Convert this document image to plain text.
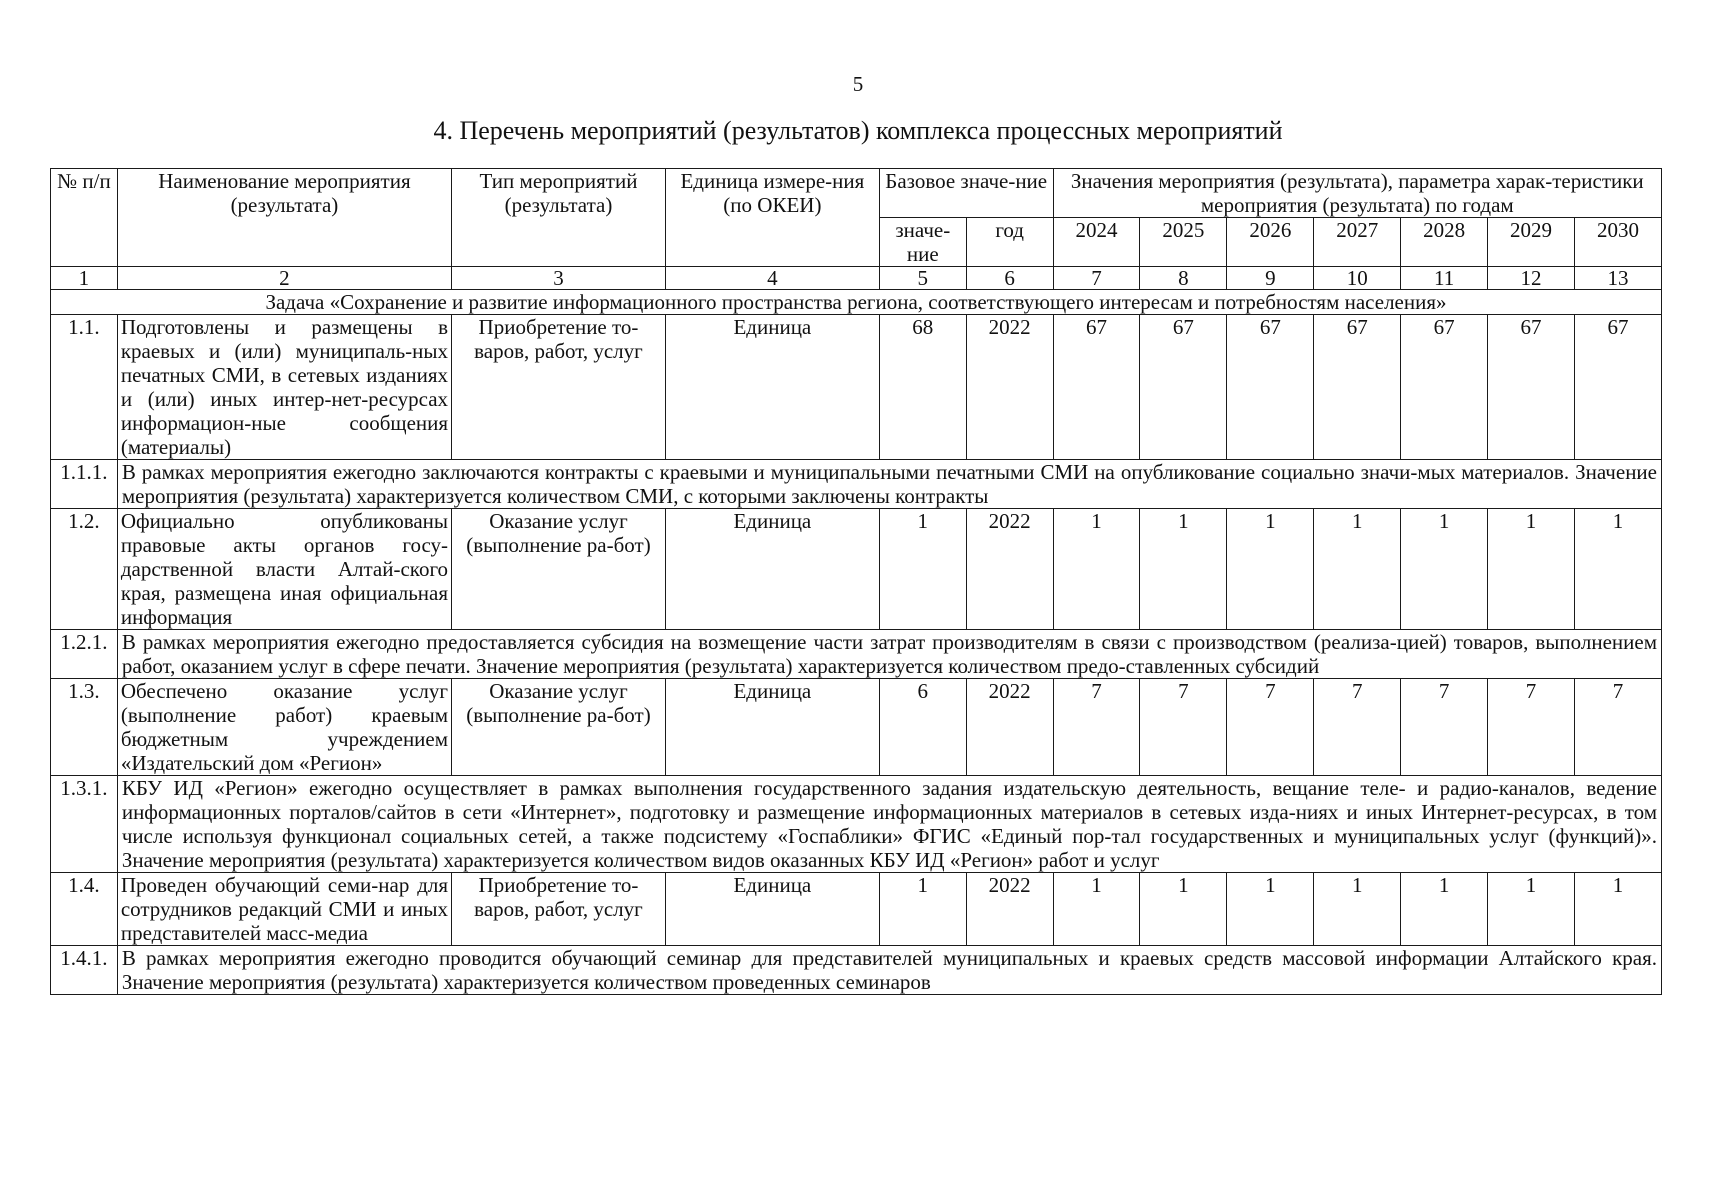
5
4. Перечень мероприятий (результатов) комплекса процессных мероприятий
№ п/п	Наименование мероприятия (результата)	Тип мероприятий (результата)	Единица измере-ния (по ОКЕИ)	Базовое значе-ние		Значения мероприятия (результата), параметра харак-теристики мероприятия (результата) по годам						
				значе-ние	год	2024	2025	2026	2027	2028	2029	2030
1	2	3	4	5	6	7	8	9	10	11	12	13
Задача «Сохранение и развитие информационного пространства региона, соответствующего интересам и потребностям населения»												
1.1.	Подготовлены и размещены в краевых и (или) муниципаль-ных печатных СМИ, в сетевых изданиях и (или) иных интер-нет-ресурсах информацион-ные сообщения (материалы)	Приобретение то-варов, работ, услуг	Единица	68	2022	67	67	67	67	67	67	67
1.1.1.	В рамках мероприятия ежегодно заключаются контракты с краевыми и муниципальными печатными СМИ на опубликование социально значи-мых материалов. Значение мероприятия (результата) характеризуется количеством СМИ, с которыми заключены контракты											
1.2.	Официально опубликованы правовые акты органов госу-дарственной власти Алтай-ского края, размещена иная официальная информация	Оказание услуг (выполнение ра-бот)	Единица	1	2022	1	1	1	1	1	1	1
1.2.1.	В рамках мероприятия ежегодно предоставляется субсидия на возмещение части затрат производителям в связи с производством (реализа-цией) товаров, выполнением работ, оказанием услуг в сфере печати. Значение мероприятия (результата) характеризуется количеством предо-ставленных субсидий											
1.3.	Обеспечено оказание услуг (выполнение работ) краевым бюджетным учреждением «Издательский дом «Регион»	Оказание услуг (выполнение ра-бот)	Единица	6	2022	7	7	7	7	7	7	7
1.3.1.	КБУ ИД «Регион» ежегодно осуществляет в рамках выполнения государственного задания издательскую деятельность, вещание теле- и радио-каналов, ведение информационных порталов/сайтов в сети «Интернет», подготовку и размещение информационных материалов в сетевых изда-ниях и иных Интернет-ресурсах, в том числе используя функционал социальных сетей, а также подсистему «Госпаблики» ФГИС «Единый пор-тал государственных и муниципальных услуг (функций)». Значение мероприятия (результата) характеризуется количеством видов оказанных КБУ ИД «Регион» работ и услуг											
1.4.	Проведен обучающий семи-нар для сотрудников редакций СМИ и иных представителей масс-медиа	Приобретение то-варов, работ, услуг	Единица	1	2022	1	1	1	1	1	1	1
1.4.1.	В рамках мероприятия ежегодно проводится обучающий семинар для представителей муниципальных и краевых средств массовой информации Алтайского края. Значение мероприятия (результата) характеризуется количеством проведенных семинаров											
